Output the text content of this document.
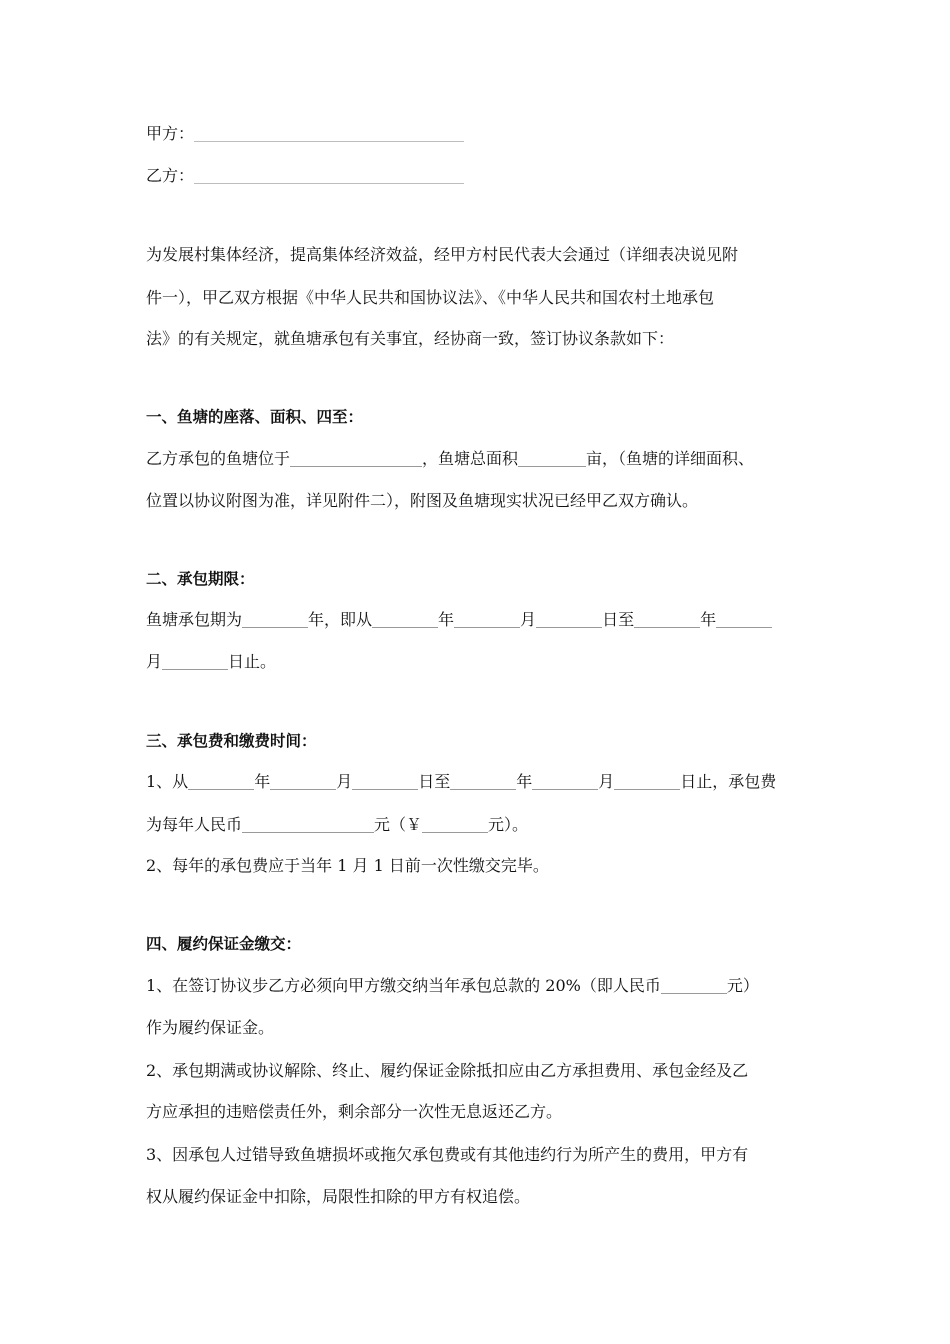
甲方：
乙方：
为发展村集体经济，提高集体经济效益，经甲方村民代表大会通过（详细表决说见附
件一），甲乙双方根据《中华人民共和国协议法》、《中华人民共和国农村土地承包
法》的有关规定，就鱼塘承包有关事宜，经协商一致，签订协议条款如下：
一、鱼塘的座落、面积、四至：
乙方承包的鱼塘位于	，鱼塘总面积	亩，（鱼塘的详细面积、
位置以协议附图为准，详见附件二），附图及鱼塘现实状况已经甲乙双方确认。
二、承包期限：
鱼塘承包期为	年，即从	年	月	日至	年
月	日止。
三、承包费和缴费时间：
1、从	年	月	日至	年	月	日止，承包费
为每年人民币	元（￥	元）。
2、每年的承包费应于当年 1 月 1 日前一次性缴交完毕。
四、履约保证金缴交：
1、在签订协议步乙方必须向甲方缴交纳当年承包总款的 20%（即人民币	元）
作为履约保证金。
2、承包期满或协议解除、终止、履约保证金除抵扣应由乙方承担费用、承包金经及乙
方应承担的违赔偿责任外，剩余部分一次性无息返还乙方。
3、因承包人过错导致鱼塘损坏或拖欠承包费或有其他违约行为所产生的费用，甲方有
权从履约保证金中扣除，局限性扣除的甲方有权追偿。
